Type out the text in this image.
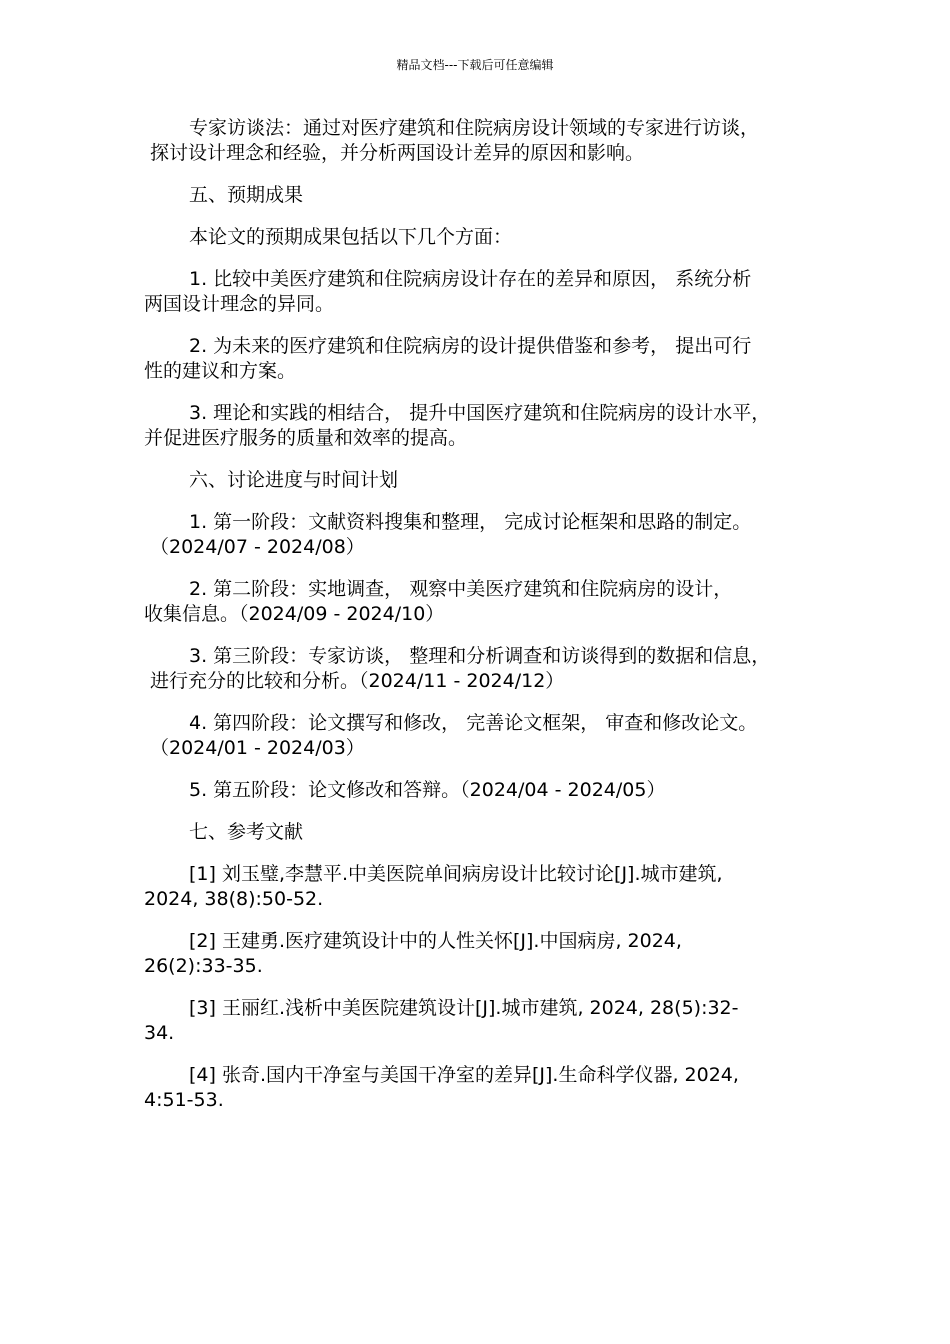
精品文档---下载后可任意编辑

专家访谈法：通过对医疗建筑和住院病房设计领域的专家进行访谈，
探讨设计理念和经验，并分析两国设计差异的原因和影响。

五、预期成果

本论文的预期成果包括以下几个方面：

1. 比较中美医疗建筑和住院病房设计存在的差异和原因， 系统分析
两国设计理念的异同。

2. 为未来的医疗建筑和住院病房的设计提供借鉴和参考， 提出可行
性的建议和方案。

3. 理论和实践的相结合， 提升中国医疗建筑和住院病房的设计水平，
并促进医疗服务的质量和效率的提高。

六、讨论进度与时间计划

1. 第一阶段：文献资料搜集和整理， 完成讨论框架和思路的制定。
（2024/07 - 2024/08）

2. 第二阶段：实地调查， 观察中美医疗建筑和住院病房的设计，
收集信息。（2024/09 - 2024/10）

3. 第三阶段：专家访谈， 整理和分析调查和访谈得到的数据和信息，
进行充分的比较和分析。（2024/11 - 2024/12）

4. 第四阶段：论文撰写和修改， 完善论文框架， 审查和修改论文。
（2024/01 - 2024/03）

5. 第五阶段：论文修改和答辩。（2024/04 - 2024/05）

七、参考文献

[1] 刘玉璧,李慧平.中美医院单间病房设计比较讨论[J].城市建筑,
2024, 38(8):50-52.

[2] 王建勇.医疗建筑设计中的人性关怀[J].中国病房, 2024,
26(2):33-35.

[3] 王丽红.浅析中美医院建筑设计[J].城市建筑, 2024, 28(5):32-
34.

[4] 张奇.国内干净室与美国干净室的差异[J].生命科学仪器, 2024,
4:51-53.
